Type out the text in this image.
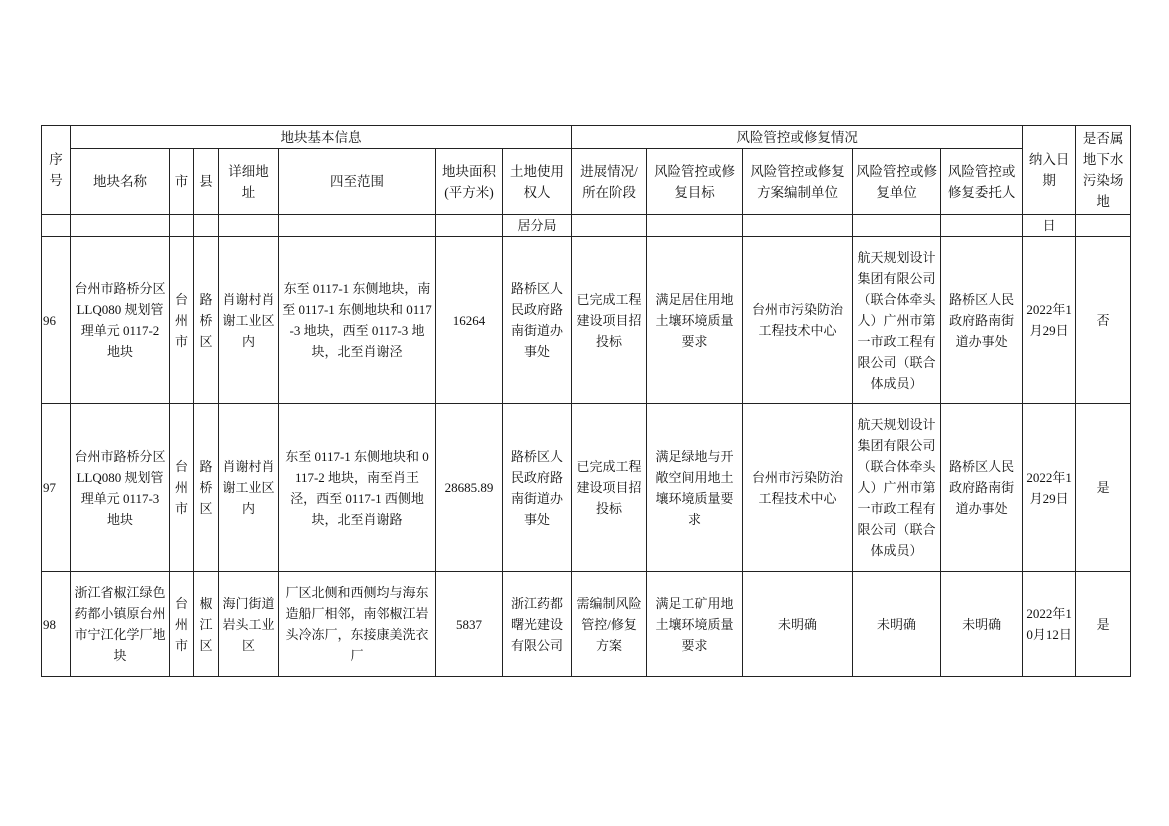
序号	地块基本信息							风险管控或修复情况					纳入日期	是否属地下水污染场地
	地块名称	市	县	详细地址	四至范围	地块面积(平方米)	土地使用权人	进展情况/所在阶段	风险管控或修复目标	风险管控或修复方案编制单位	风险管控或修复单位	风险管控或修复委托人		
							居分局						日	
96	台州市路桥分区 LLQ080 规划管理单元 0117-2 地块	台州市	路桥区	肖谢村肖谢工业区内	东至 0117-1 东侧地块，南至 0117-1 东侧地块和 0117-3 地块，西至 0117-3 地块，北至肖谢泾	16264	路桥区人民政府路南街道办事处	已完成工程建设项目招投标	满足居住用地土壤环境质量要求	台州市污染防治工程技术中心	航天规划设计集团有限公司（联合体牵头人）广州市第一市政工程有限公司（联合体成员）	路桥区人民政府路南街道办事处	2022年1月29日	否
97	台州市路桥分区 LLQ080 规划管理单元 0117-3 地块	台州市	路桥区	肖谢村肖谢工业区内	东至 0117-1 东侧地块和 0117-2 地块，南至肖王泾，西至 0117-1 西侧地块，北至肖谢路	28685.89	路桥区人民政府路南街道办事处	已完成工程建设项目招投标	满足绿地与开敞空间用地土壤环境质量要求	台州市污染防治工程技术中心	航天规划设计集团有限公司（联合体牵头人）广州市第一市政工程有限公司（联合体成员）	路桥区人民政府路南街道办事处	2022年1月29日	是
98	浙江省椒江绿色药都小镇原台州市宁江化学厂地块	台州市	椒江区	海门街道岩头工业区	厂区北侧和西侧均与海东造船厂相邻，南邻椒江岩头冷冻厂，东接康美洗衣厂	5837	浙江药都曙光建设有限公司	需编制风险管控/修复方案	满足工矿用地土壤环境质量要求	未明确	未明确	未明确	2022年10月12日	是
